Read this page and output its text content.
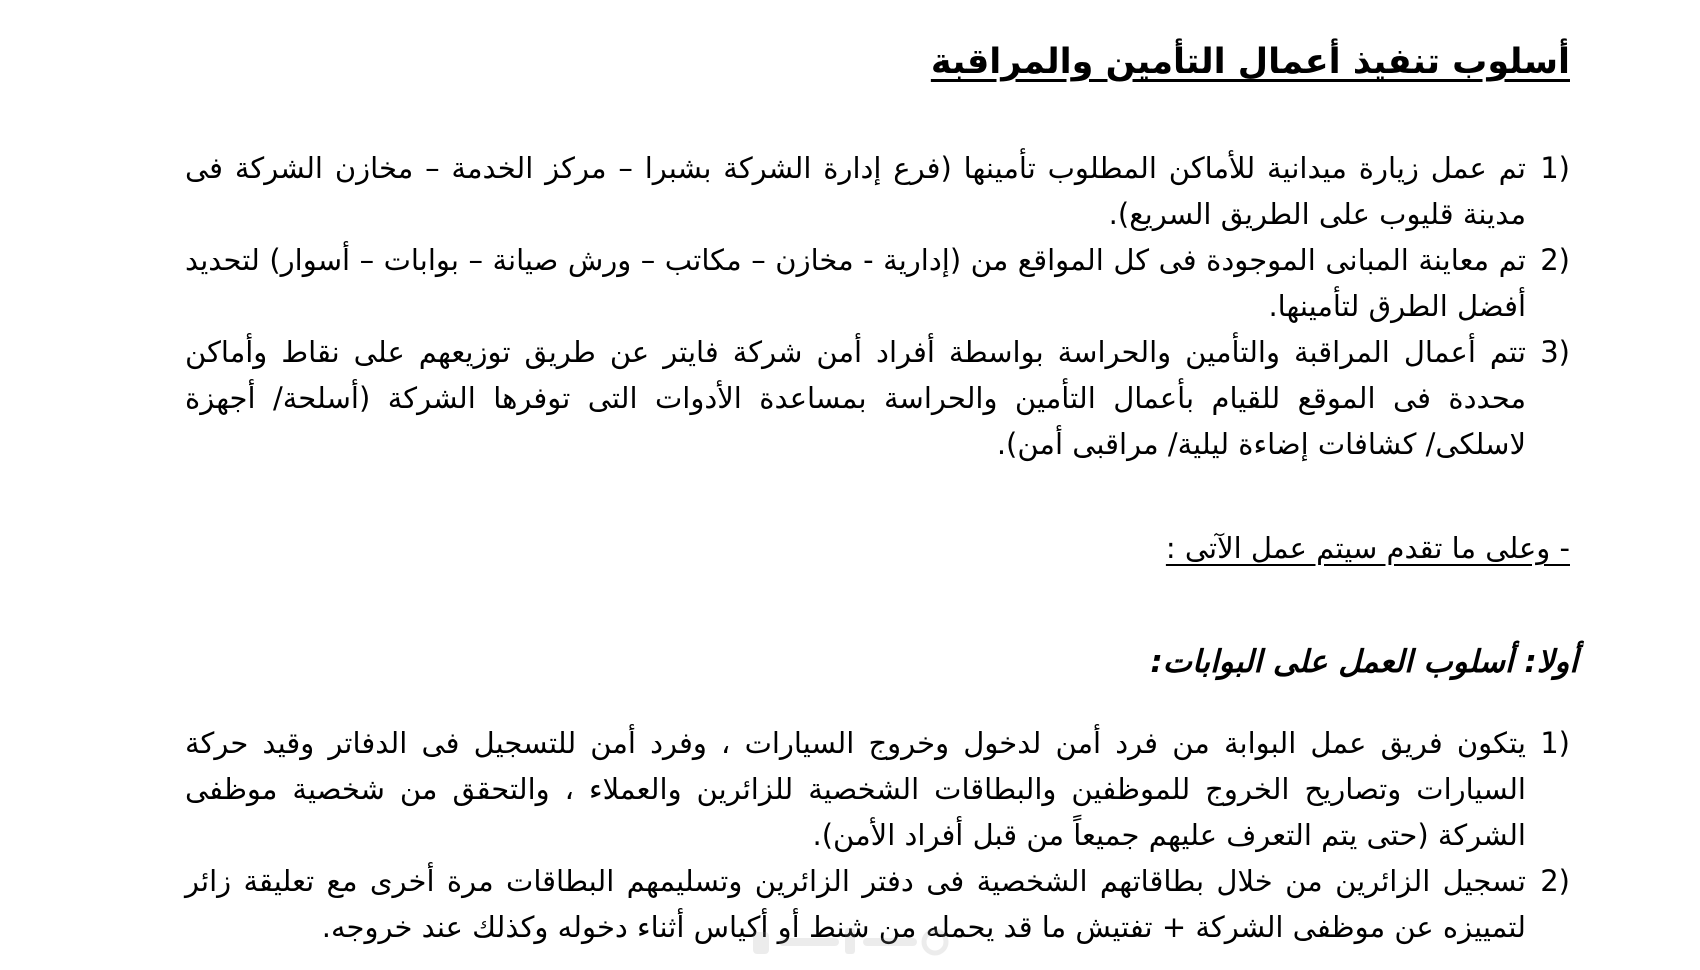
أسلوب تنفيذ أعمال التأمين والمراقبة
1)
تم عمل زيارة ميدانية للأماكن المطلوب تأمينها (فرع إدارة الشركة بشبرا – مركز الخدمة – مخازن الشركة فى مدينة قليوب على الطريق السريع).
2)
تم معاينة المبانى الموجودة فى كل المواقع من (إدارية - مخازن – مكاتب – ورش صيانة – بوابات – أسوار) لتحديد أفضل الطرق لتأمينها.
3)
تتم أعمال المراقبة والتأمين والحراسة بواسطة أفراد أمن شركة فايتر عن طريق توزيعهم على نقاط وأماكن محددة فى الموقع للقيام بأعمال التأمين والحراسة بمساعدة الأدوات التى توفرها الشركة (أسلحة/ أجهزة لاسلكى/ كشافات إضاءة ليلية/ مراقبى أمن).
- وعلى ما تقدم سيتم عمل الآتى :
أولا: أسلوب العمل على البوابات:
1)
يتكون فريق عمل البوابة من فرد أمن لدخول وخروج السيارات ، وفرد أمن للتسجيل فى الدفاتر وقيد حركة السيارات وتصاريح الخروج للموظفين والبطاقات الشخصية للزائرين والعملاء ، والتحقق من شخصية موظفى الشركة (حتى يتم التعرف عليهم جميعاً من قبل أفراد الأمن).
2)
تسجيل الزائرين من خلال بطاقاتهم الشخصية فى دفتر الزائرين وتسليمهم البطاقات مرة أخرى مع تعليقة زائر لتمييزه عن موظفى الشركة + تفتيش ما قد يحمله من شنط أو أكياس أثناء دخوله وكذلك عند خروجه.
